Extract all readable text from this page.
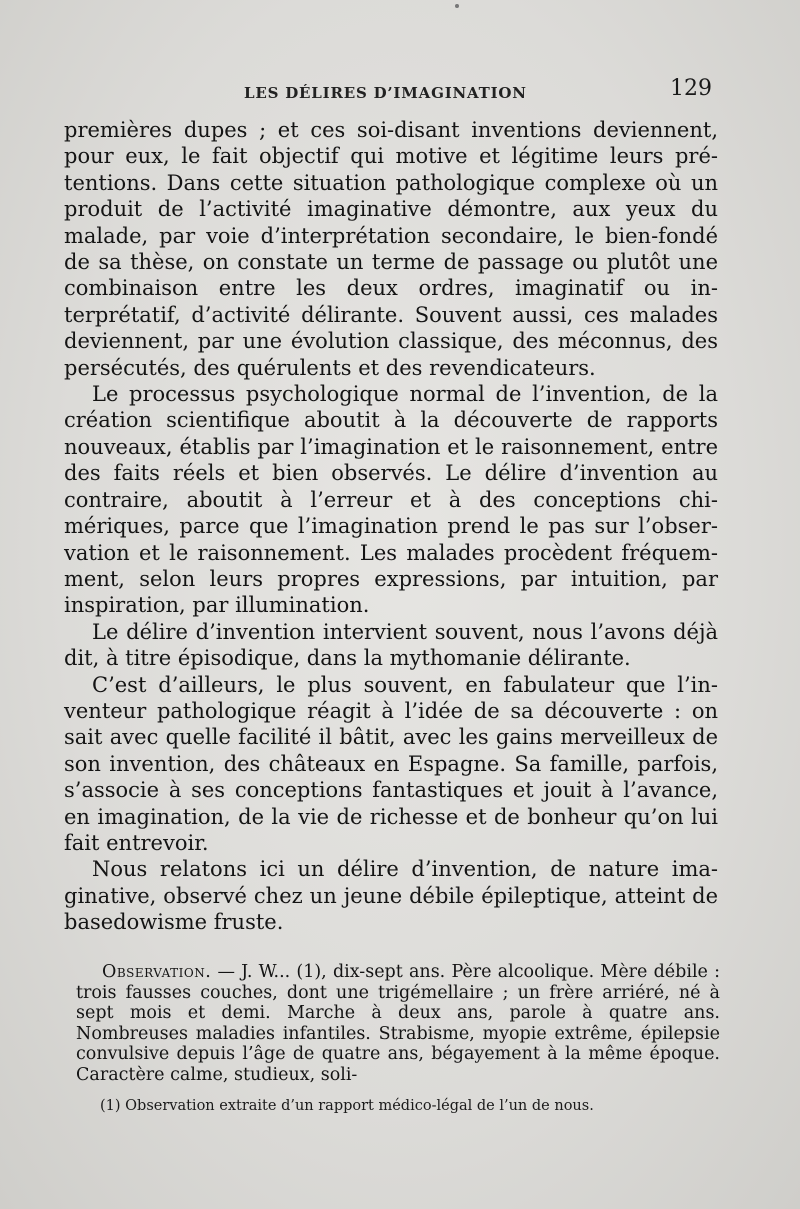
LES DÉLIRES D’IMAGINATION	129

premières dupes ; et ces soi-disant inventions deviennent, pour eux, le fait objectif qui motive et légitime leurs prétentions. Dans cette situation pathologique complexe où un produit de l’activité imaginative démontre, aux yeux du malade, par voie d’interprétation secondaire, le bien-fondé de sa thèse, on constate un terme de passage ou plutôt une combinaison entre les deux ordres, imaginatif ou interprétatif, d’activité délirante. Souvent aussi, ces malades deviennent, par une évolution classique, des méconnus, des persécutés, des quérulents et des revendicateurs.

Le processus psychologique normal de l’invention, de la création scientifique aboutit à la découverte de rapports nouveaux, établis par l’imagination et le raisonnement, entre des faits réels et bien observés. Le délire d’invention au contraire, aboutit à l’erreur et à des conceptions chimériques, parce que l’imagination prend le pas sur l’observation et le raisonnement. Les malades procèdent fréquemment, selon leurs propres expressions, par intuition, par inspiration, par illumination.

Le délire d’invention intervient souvent, nous l’avons déjà dit, à titre épisodique, dans la mythomanie délirante.

C’est d’ailleurs, le plus souvent, en fabulateur que l’inventeur pathologique réagit à l’idée de sa découverte : on sait avec quelle facilité il bâtit, avec les gains merveilleux de son invention, des châteaux en Espagne. Sa famille, parfois, s’associe à ses conceptions fantastiques et jouit à l’avance, en imagination, de la vie de richesse et de bonheur qu’on lui fait entrevoir.

Nous relatons ici un délire d’invention, de nature imaginative, observé chez un jeune débile épileptique, atteint de basedowisme fruste.

Observation. — J. W... (1), dix-sept ans. Père alcoolique. Mère débile : trois fausses couches, dont une trigémellaire ; un frère arriéré, né à sept mois et demi. Marche à deux ans, parole à quatre ans. Nombreuses maladies infantiles. Strabisme, myopie extrême, épilepsie convulsive depuis l’âge de quatre ans, bégayement à la même époque. Caractère calme, studieux, soli-

(1) Observation extraite d’un rapport médico-légal de l’un de nous.
